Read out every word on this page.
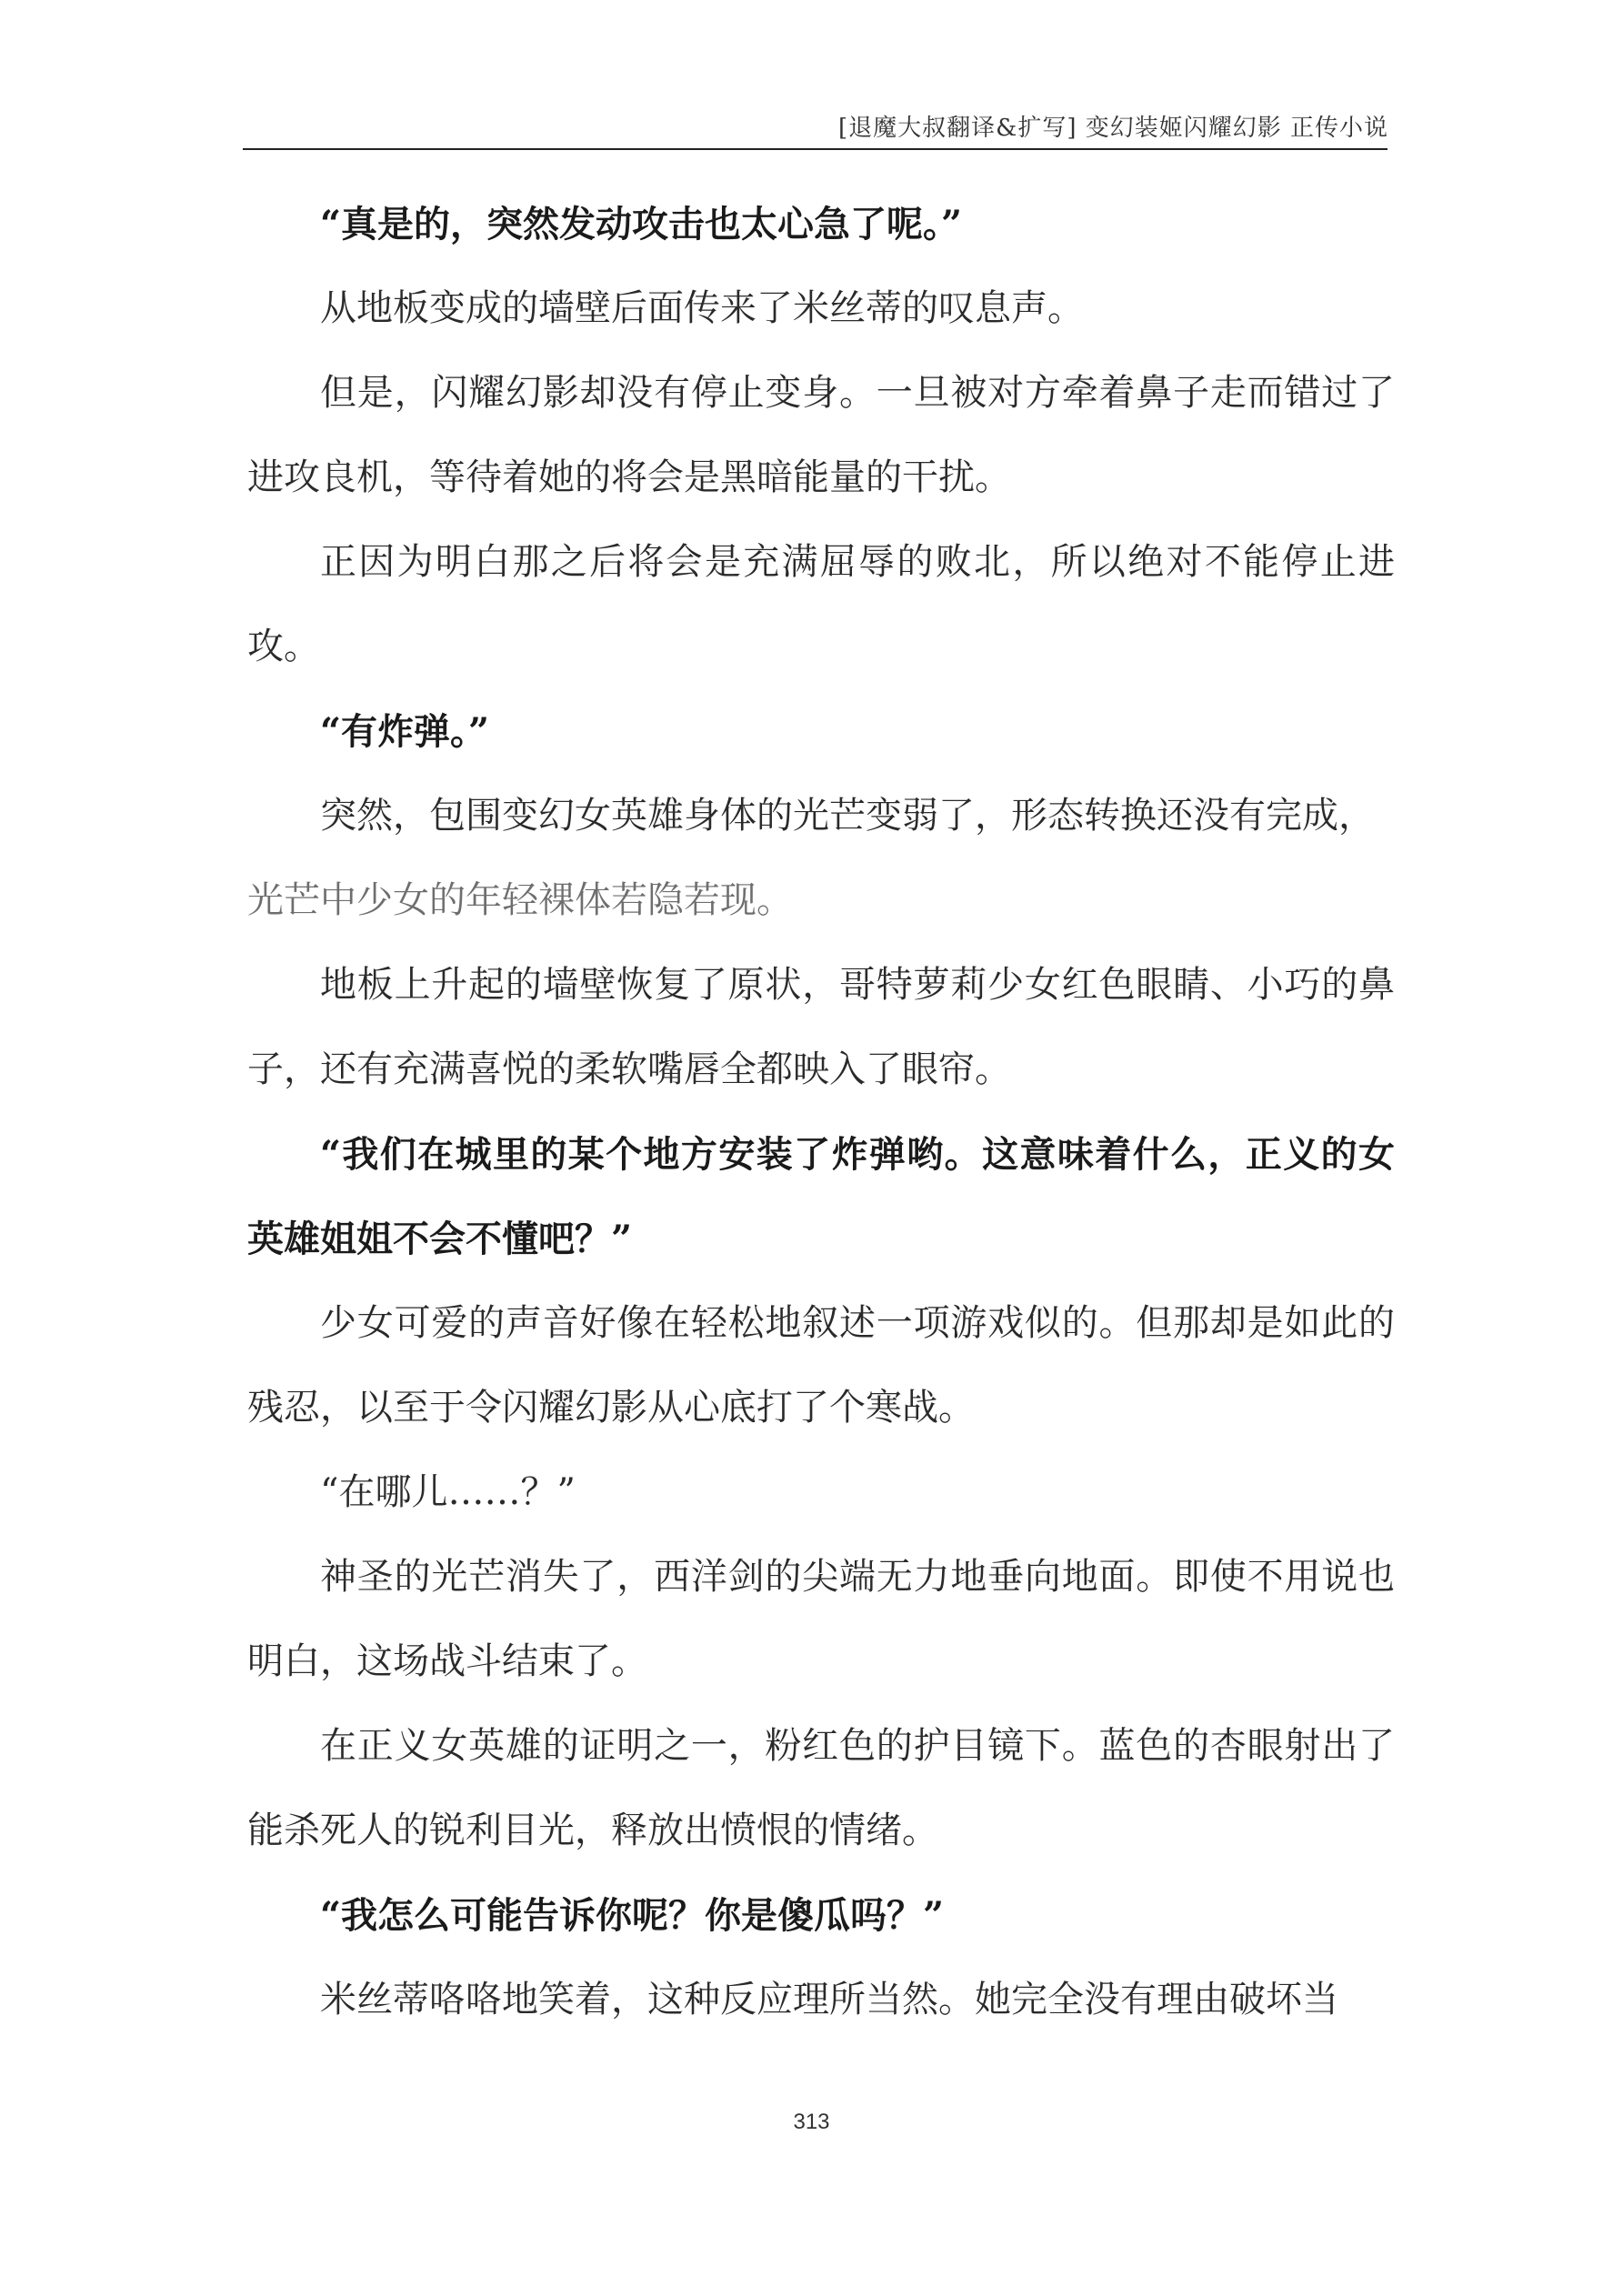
[退魔大叔翻译&扩写] 变幻装姬闪耀幻影 正传小说

“真是的，突然发动攻击也太心急了呢。”

从地板变成的墙壁后面传来了米丝蒂的叹息声。

但是，闪耀幻影却没有停止变身。一旦被对方牵着鼻子走而错过了进攻良机，等待着她的将会是黑暗能量的干扰。

正因为明白那之后将会是充满屈辱的败北，所以绝对不能停止进攻。

“有炸弹。”

突然，包围变幻女英雄身体的光芒变弱了，形态转换还没有完成，

光芒中少女的年轻裸体若隐若现。

地板上升起的墙壁恢复了原状，哥特萝莉少女红色眼睛、小巧的鼻子，还有充满喜悦的柔软嘴唇全都映入了眼帘。

“我们在城里的某个地方安装了炸弹哟。这意味着什么，正义的女英雄姐姐不会不懂吧？”

少女可爱的声音好像在轻松地叙述一项游戏似的。但那却是如此的残忍，以至于令闪耀幻影从心底打了个寒战。

“在哪儿……？”

神圣的光芒消失了，西洋剑的尖端无力地垂向地面。即使不用说也明白，这场战斗结束了。

在正义女英雄的证明之一，粉红色的护目镜下。蓝色的杏眼射出了能杀死人的锐利目光，释放出愤恨的情绪。

“我怎么可能告诉你呢？你是傻瓜吗？”

米丝蒂咯咯地笑着，这种反应理所当然。她完全没有理由破坏当

313
